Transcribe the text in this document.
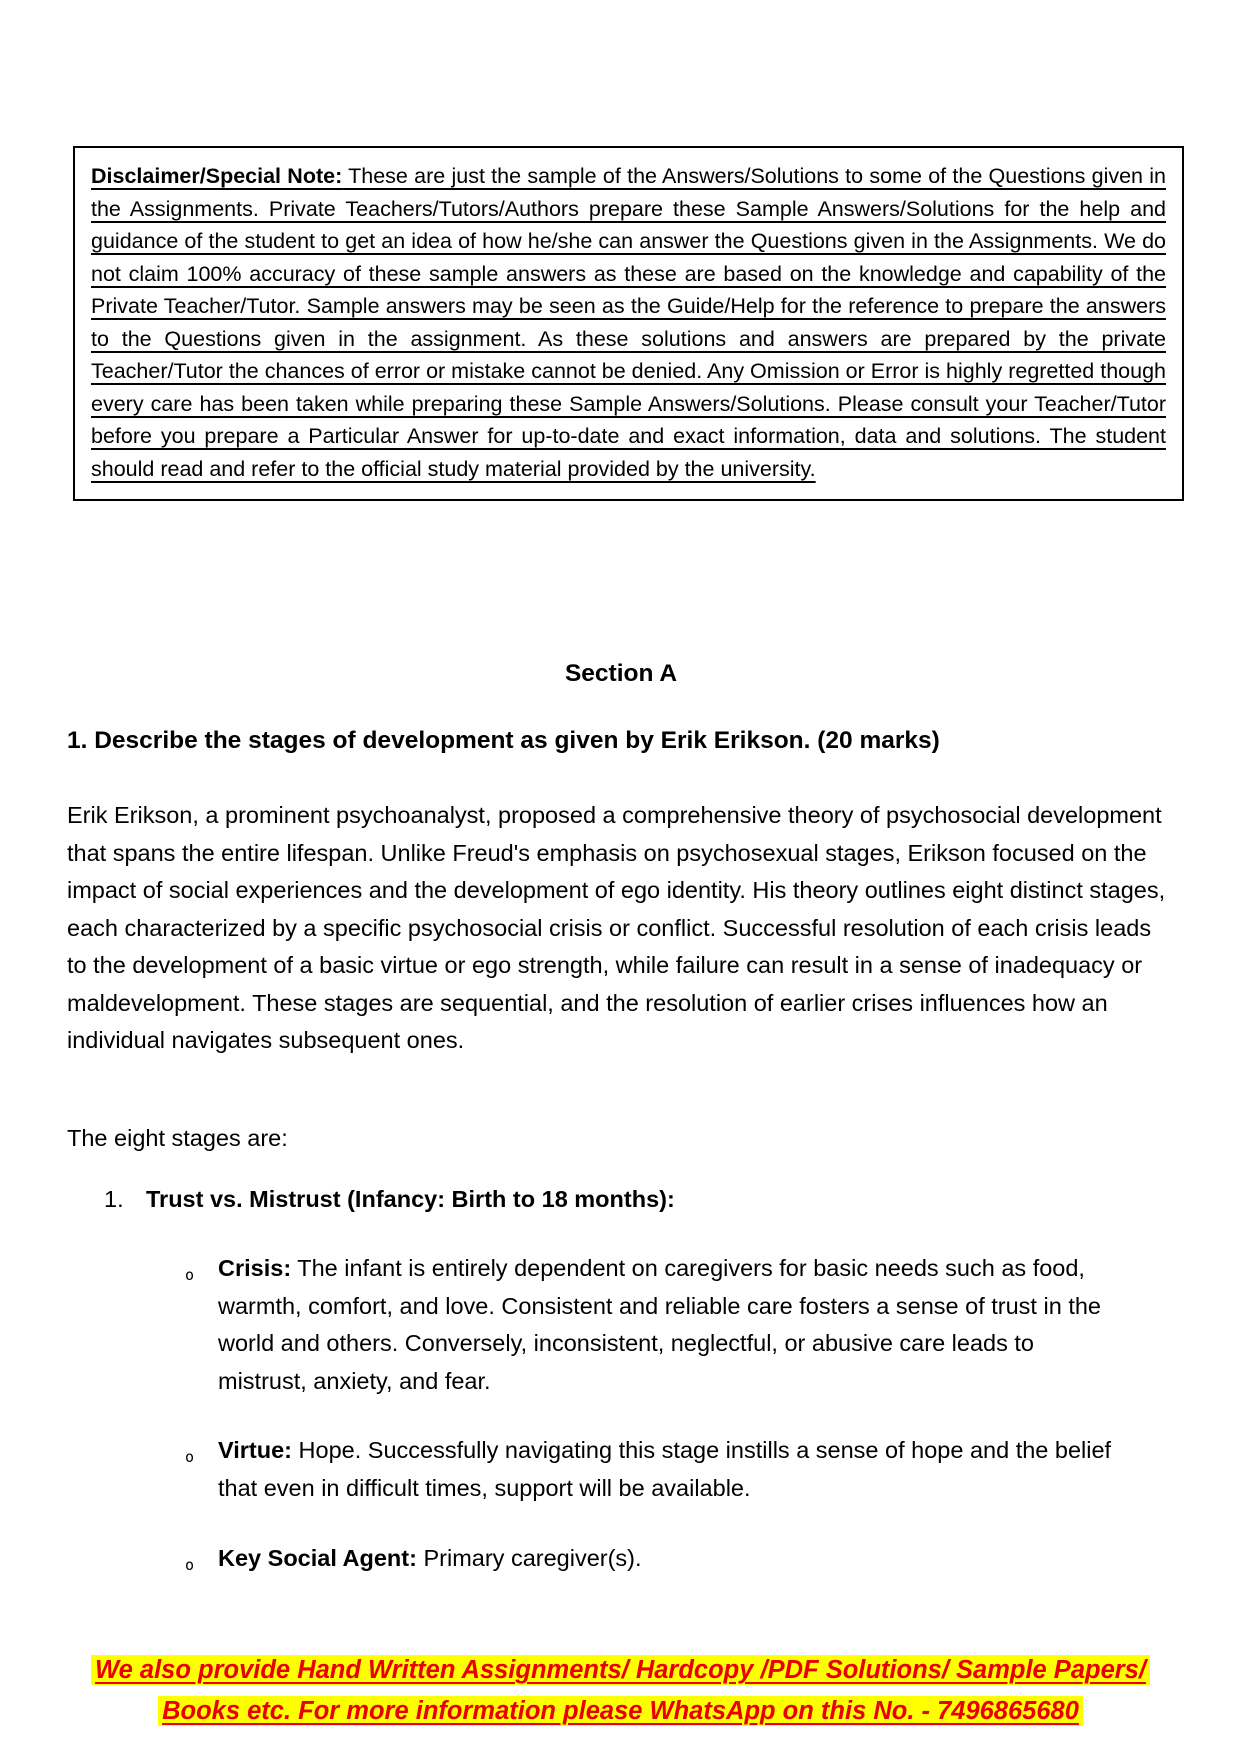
Disclaimer/Special Note: These are just the sample of the Answers/Solutions to some of the Questions given in the Assignments. Private Teachers/Tutors/Authors prepare these Sample Answers/Solutions for the help and guidance of the student to get an idea of how he/she can answer the Questions given in the Assignments. We do not claim 100% accuracy of these sample answers as these are based on the knowledge and capability of the Private Teacher/Tutor. Sample answers may be seen as the Guide/Help for the reference to prepare the answers to the Questions given in the assignment. As these solutions and answers are prepared by the private Teacher/Tutor the chances of error or mistake cannot be denied. Any Omission or Error is highly regretted though every care has been taken while preparing these Sample Answers/Solutions. Please consult your Teacher/Tutor before you prepare a Particular Answer for up-to-date and exact information, data and solutions. The student should read and refer to the official study material provided by the university.

Section A
1. Describe the stages of development as given by Erik Erikson. (20 marks)
Erik Erikson, a prominent psychoanalyst, proposed a comprehensive theory of psychosocial development that spans the entire lifespan. Unlike Freud's emphasis on psychosexual stages, Erikson focused on the impact of social experiences and the development of ego identity. His theory outlines eight distinct stages, each characterized by a specific psychosocial crisis or conflict. Successful resolution of each crisis leads to the development of a basic virtue or ego strength, while failure can result in a sense of inadequacy or maldevelopment. These stages are sequential, and the resolution of earlier crises influences how an individual navigates subsequent ones.
The eight stages are:
1. Trust vs. Mistrust (Infancy: Birth to 18 months):
o Crisis: The infant is entirely dependent on caregivers for basic needs such as food, warmth, comfort, and love. Consistent and reliable care fosters a sense of trust in the world and others. Conversely, inconsistent, neglectful, or abusive care leads to mistrust, anxiety, and fear.
o Virtue: Hope. Successfully navigating this stage instills a sense of hope and the belief that even in difficult times, support will be available.
o Key Social Agent: Primary caregiver(s).
We also provide Hand Written Assignments/ Hardcopy /PDF Solutions/ Sample Papers/ Books etc. For more information please WhatsApp on this No. - 7496865680
